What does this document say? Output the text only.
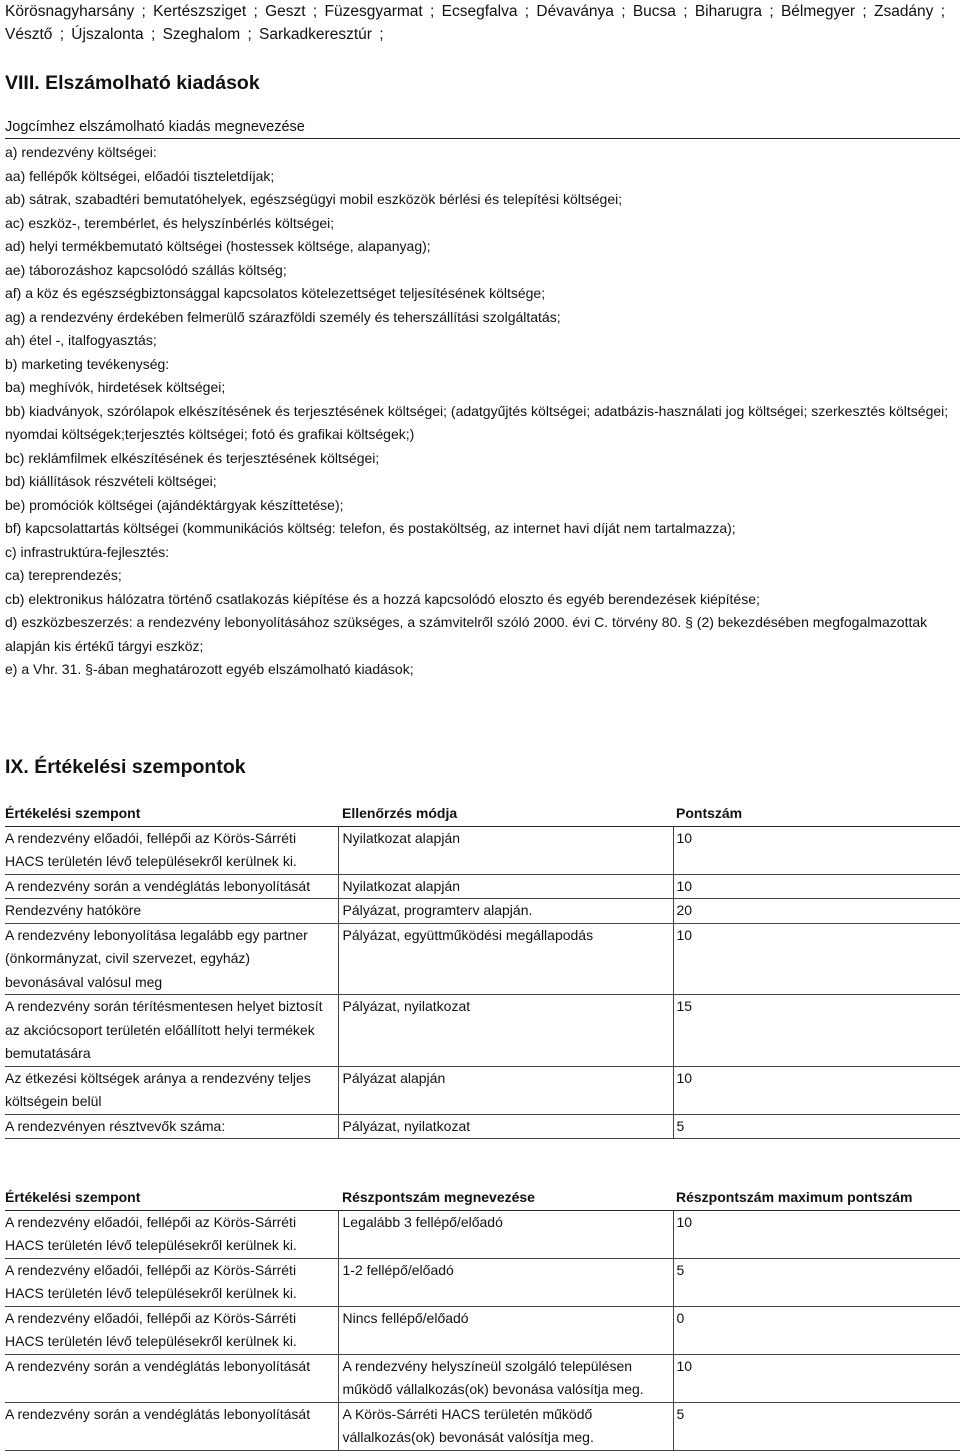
Körösnagyharsány ; Kertészsziget ; Geszt ; Füzesgyarmat ; Ecsegfalva ; Dévaványa ; Bucsa ; Biharugra ; Bélmegyer ; Zsadány ;
Vésztő ; Újszalonta ; Szeghalom ; Sarkadkeresztúr ;
VIII. Elszámolható kiadások
Jogcímhez elszámolható kiadás megnevezése
a) rendezvény költségei:
aa) fellépők költségei, előadói tiszteletdíjak;
ab) sátrak, szabadtéri bemutatóhelyek, egészségügyi mobil eszközök bérlési és telepítési költségei;
ac) eszköz-, terembérlet, és helyszínbérlés költségei;
ad) helyi termékbemutató költségei (hostessek költsége, alapanyag);
ae) táborozáshoz kapcsolódó szállás költség;
af) a köz és egészségbiztonsággal kapcsolatos kötelezettséget teljesítésének költsége;
ag) a rendezvény érdekében felmerülő szárazföldi személy és teherszállítási szolgáltatás;
ah) étel -, italfogyasztás;
b) marketing tevékenység:
ba) meghívók, hirdetések költségei;
bb) kiadványok, szórólapok elkészítésének és terjesztésének költségei; (adatgyűjtés költségei; adatbázis-használati jog költségei; szerkesztés költségei; nyomdai költségek;terjesztés költségei; fotó és grafikai költségek;)
bc) reklámfilmek elkészítésének és terjesztésének költségei;
bd) kiállítások részvételi költségei;
be) promóciók költségei (ajándéktárgyak készíttetése);
bf) kapcsolattartás költségei (kommunikációs költség: telefon, és postaköltség, az internet havi díját nem tartalmazza);
c) infrastruktúra-fejlesztés:
ca) tereprendezés;
cb) elektronikus hálózatra történő csatlakozás kiépítése és a hozzá kapcsolódó eloszto és egyéb berendezések kiépítése;
d) eszközbeszerzés: a rendezvény lebonyolításához szükséges, a számvitelről szóló 2000. évi C. törvény 80. § (2) bekezdésében megfogalmazottak alapján kis értékű tárgyi eszköz;
e) a Vhr. 31. §-ában meghatározott egyéb elszámolható kiadások;
IX. Értékelési szempontok
Értékelési szempont	Ellenőrzés módja	Pontszám
A rendezvény előadói, fellépői az Körös-Sárréti HACS területén lévő településekről kerülnek ki.	Nyilatkozat alapján	10
A rendezvény során a vendéglátás lebonyolítását	Nyilatkozat alapján	10
Rendezvény hatóköre	Pályázat, programterv alapján.	20
A rendezvény lebonyolítása legalább egy partner (önkormányzat, civil szervezet, egyház) bevonásával valósul meg	Pályázat, együttműködési megállapodás	10
A rendezvény során térítésmentesen helyet biztosít az akciócsoport területén előállított helyi termékek bemutatására	Pályázat, nyilatkozat	15
Az étkezési költségek aránya a rendezvény teljes költségein belül	Pályázat alapján	10
A rendezvényen résztvevők száma:	Pályázat, nyilatkozat	5
Értékelési szempont	Részpontszám megnevezése	Részpontszám maximum pontszám
A rendezvény előadói, fellépői az Körös-Sárréti HACS területén lévő településekről kerülnek ki.	Legalább 3 fellépő/előadó	10
A rendezvény előadói, fellépői az Körös-Sárréti HACS területén lévő településekről kerülnek ki.	1-2 fellépő/előadó	5
A rendezvény előadói, fellépői az Körös-Sárréti HACS területén lévő településekről kerülnek ki.	Nincs fellépő/előadó	0
A rendezvény során a vendéglátás lebonyolítását	A rendezvény helyszíneül szolgáló településen működő vállalkozás(ok) bevonása valósítja meg.	10
A rendezvény során a vendéglátás lebonyolítását	A Körös-Sárréti HACS területén működő vállalkozás(ok) bevonását valósítja meg.	5
